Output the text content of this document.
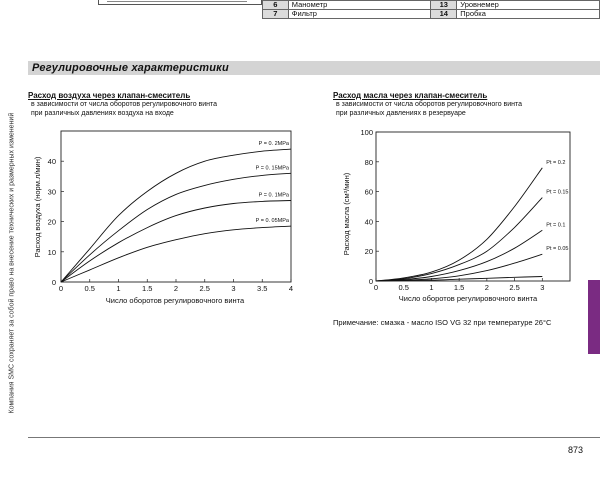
Компания SMC сохраняет за собой право на внесение технических и размерных изменений
6	Манометр	13	Уровнемер
7	Фильтр	14	Пробка
Регулировочные характеристики
Расход воздуха через клапан-смеситель
в зависимости от числа оборотов регулировочного винта
при различных давлениях воздуха на входе
Расход масла через клапан-смеситель
в зависимости от числа оборотов регулировочного винта
при различных давлениях в резервуаре
0	0.5	1	1.5	2	2.5	3	3.5	4
0
10
20
30
40
Число оборотов регулировочного винта
Расход воздуха (норм.л/мин)
P = 0. 2MPa
P = 0. 15MPa
P = 0. 1MPa
P = 0. 05MPa
0	0.5	1	1.5	2	2.5	3
0
20
40
60
80
100
Число оборотов регулировочного винта
Расход масла (см³/мин)
Pt = 0.2
Pt = 0.15
Pt = 0.1
Pt = 0.05
Примечание: смазка - масло ISO VG 32 при температуре 26°C
873
